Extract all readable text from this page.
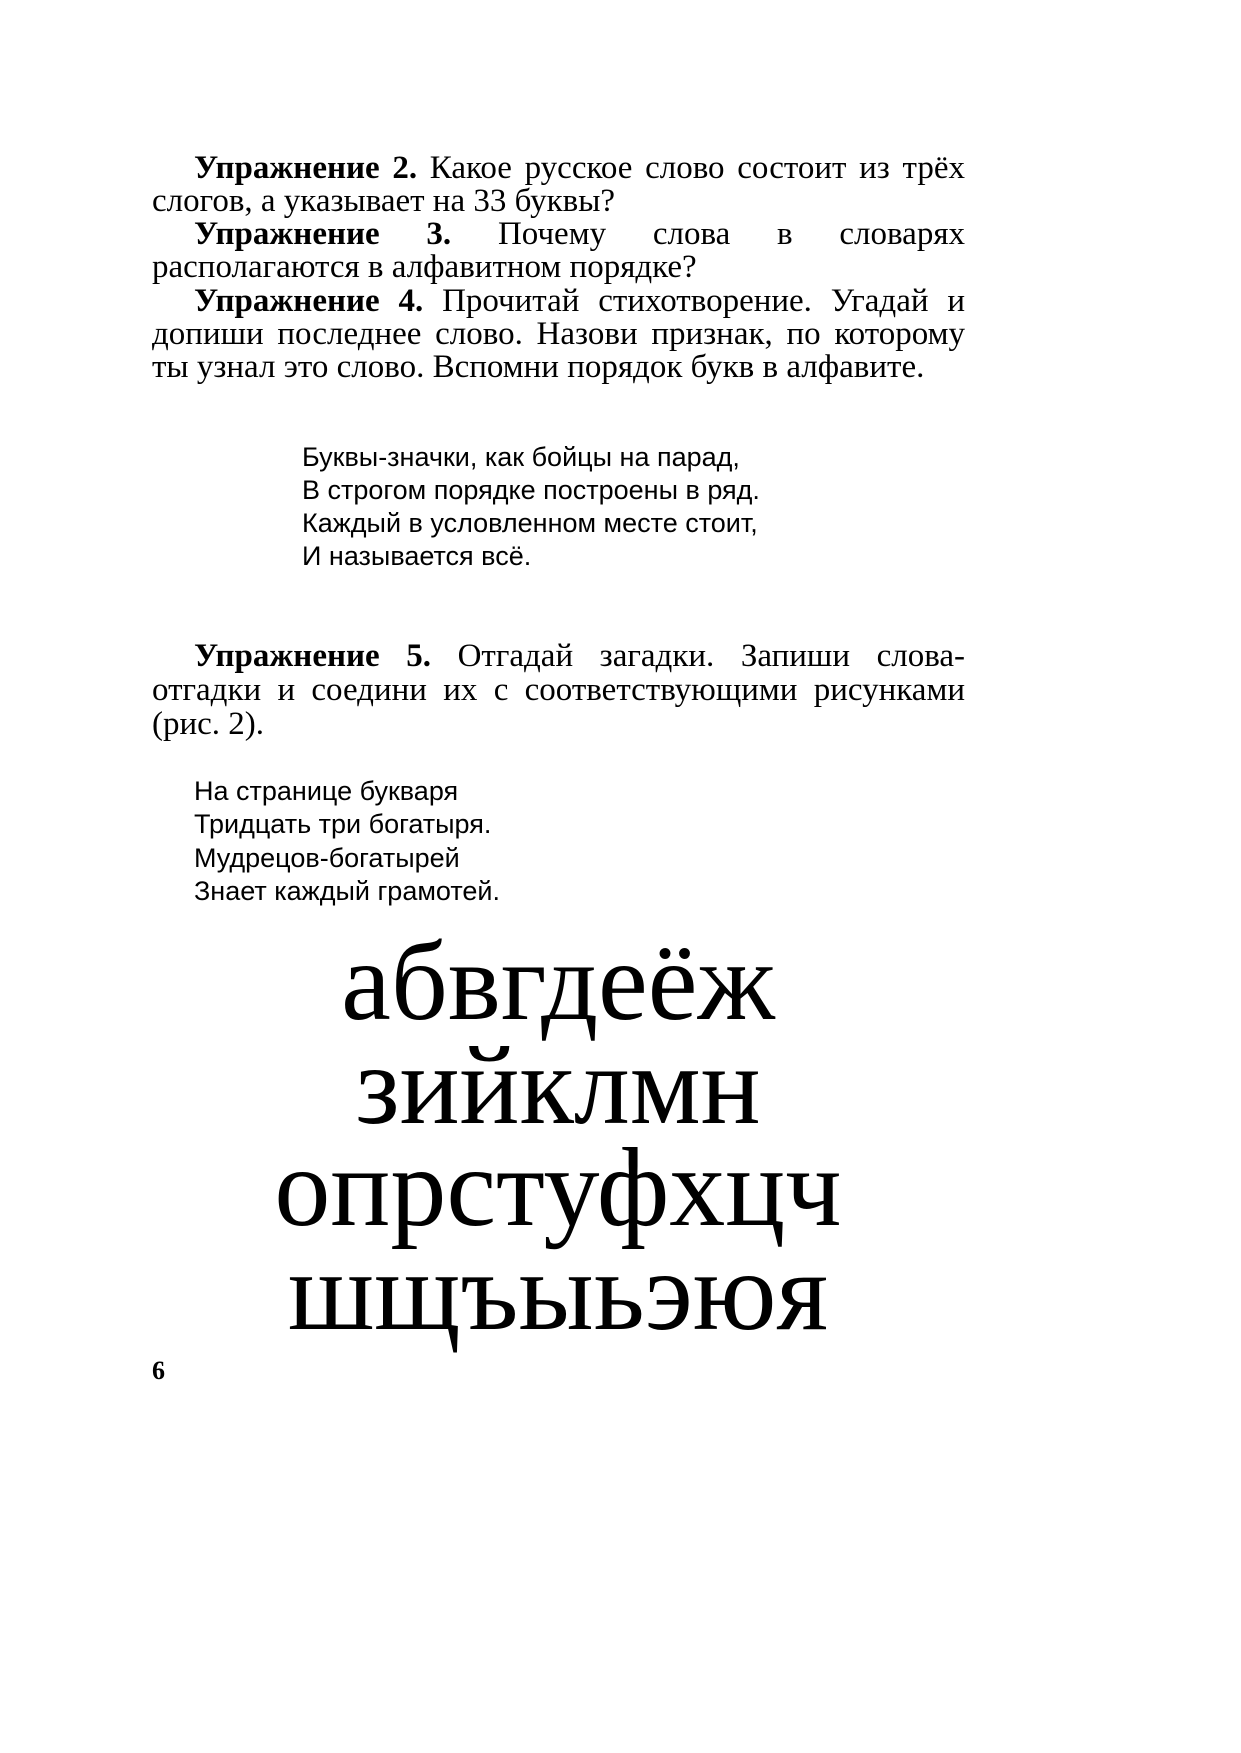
Упражнение 2. Какое русское слово состоит из трёх
слогов, а указывает на 33 буквы?
Упражнение 3. Почему слова в словарях
располагаются в алфавитном порядке?
Упражнение 4. Прочитай стихотворение. Угадай и
допиши последнее слово. Назови признак, по которому
ты узнал это слово. Вспомни порядок букв в алфавите.
Буквы-значки, как бойцы на парад,
В строгом порядке построены в ряд.
Каждый в условленном месте стоит,
И называется всё.
Упражнение 5. Отгадай загадки. Запиши слова-
отгадки и соедини их с соответствующими рисунками
(рис. 2).
На странице букваря
Тридцать три богатыря.
Мудрецов-богатырей
Знает каждый грамотей.
абвгдеёж
зийклмн
опрстуфхцч
шщъыьэюя
6
